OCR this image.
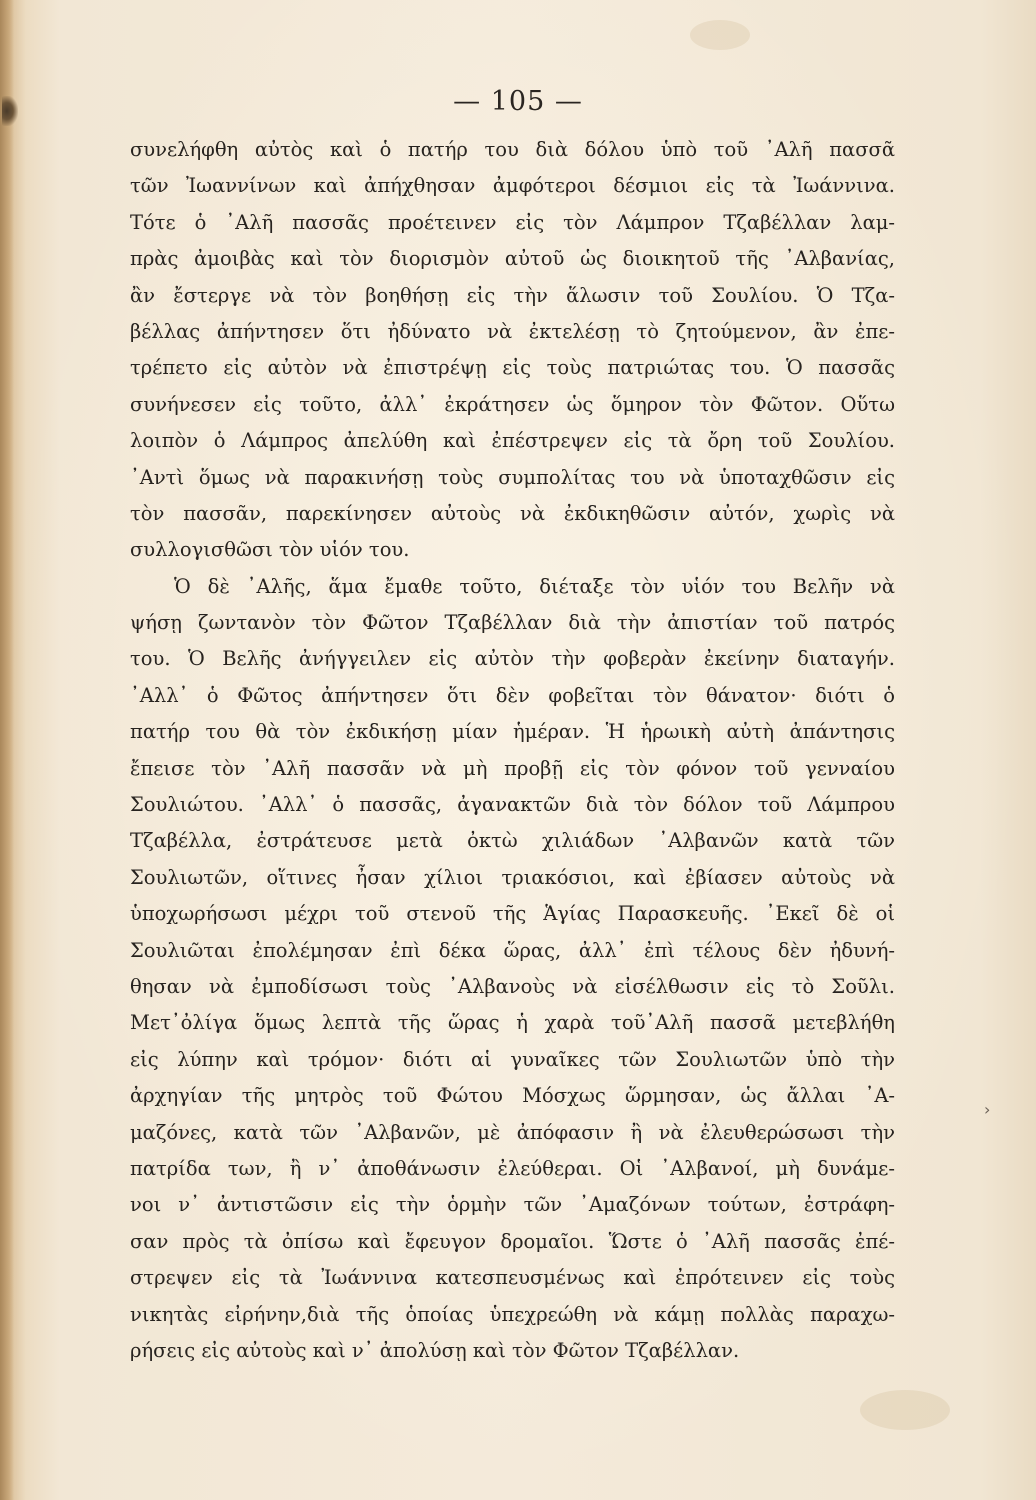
›
— 105 —
συνελήφθη αὐτὸς καὶ ὁ πατήρ του διὰ δόλου ὑπὸ τοῦ ᾿Αλῆ πασσᾶ
τῶν Ἰωαννίνων καὶ ἀπήχθησαν ἀμφότεροι δέσμιοι εἰς τὰ Ἰωάννινα.
Τότε ὁ ᾿Αλῆ πασσᾶς προέτεινεν εἰς τὸν Λάμπρον Τζαβέλλαν λαμ-
πρὰς ἀμοιβὰς καὶ τὸν διορισμὸν αὐτοῦ ὡς διοικητοῦ τῆς ᾿Αλβανίας,
ἂν ἔστεργε νὰ τὸν βοηθήσῃ εἰς τὴν ἅλωσιν τοῦ Σουλίου. Ὁ Τζα-
βέλλας ἀπήντησεν ὅτι ἠδύνατο νὰ ἐκτελέσῃ τὸ ζητούμενον, ἂν ἐπε-
τρέπετο εἰς αὐτὸν νὰ ἐπιστρέψῃ εἰς τοὺς πατριώτας του. Ὁ πασσᾶς
συνήνεσεν εἰς τοῦτο, ἀλλ᾿ ἐκράτησεν ὡς ὅμηρον τὸν Φῶτον. Οὕτω
λοιπὸν ὁ Λάμπρος ἀπελύθη καὶ ἐπέστρεψεν εἰς τὰ ὄρη τοῦ Σουλίου.
᾿Αντὶ ὅμως νὰ παρακινήσῃ τοὺς συμπολίτας του νὰ ὑποταχθῶσιν εἰς
τὸν πασσᾶν, παρεκίνησεν αὐτοὺς νὰ ἐκδικηθῶσιν αὐτόν, χωρὶς νὰ
συλλογισθῶσι τὸν υἱόν του.
Ὁ δὲ ᾿Αλῆς, ἅμα ἔμαθε τοῦτο, διέταξε τὸν υἱόν του Βελῆν νὰ
ψήσῃ ζωντανὸν τὸν Φῶτον Τζαβέλλαν διὰ τὴν ἀπιστίαν τοῦ πατρός
του. Ὁ Βελῆς ἀνήγγειλεν εἰς αὐτὸν τὴν φοβερὰν ἐκείνην διαταγήν.
᾿Αλλ᾿ ὁ Φῶτος ἀπήντησεν ὅτι δὲν φοβεῖται τὸν θάνατον· διότι ὁ
πατήρ του θὰ τὸν ἐκδικήσῃ μίαν ἡμέραν. Ἡ ἡρωικὴ αὐτὴ ἀπάντησις
ἔπεισε τὸν ᾿Αλῆ πασσᾶν νὰ μὴ προβῇ εἰς τὸν φόνον τοῦ γενναίου
Σουλιώτου. ᾿Αλλ᾿ ὁ πασσᾶς, ἀγανακτῶν διὰ τὸν δόλον τοῦ Λάμπρου
Τζαβέλλα, ἐστράτευσε μετὰ ὀκτὼ χιλιάδων ᾿Αλβανῶν κατὰ τῶν
Σουλιωτῶν, οἵτινες ἦσαν χίλιοι τριακόσιοι, καὶ ἐβίασεν αὐτοὺς νὰ
ὑποχωρήσωσι μέχρι τοῦ στενοῦ τῆς Ἁγίας Παρασκευῆς. ᾿Εκεῖ δὲ οἱ
Σουλιῶται ἐπολέμησαν ἐπὶ δέκα ὥρας, ἀλλ᾿ ἐπὶ τέλους δὲν ἠδυνή-
θησαν νὰ ἐμποδίσωσι τοὺς ᾿Αλβανοὺς νὰ εἰσέλθωσιν εἰς τὸ Σοῦλι.
Μετ᾿ὀλίγα ὅμως λεπτὰ τῆς ὥρας ἡ χαρὰ τοῦ᾿Αλῆ πασσᾶ μετεβλήθη
εἰς λύπην καὶ τρόμον· διότι αἱ γυναῖκες τῶν Σουλιωτῶν ὑπὸ τὴν
ἀρχηγίαν τῆς μητρὸς τοῦ Φώτου Μόσχως ὥρμησαν, ὡς ἄλλαι ᾿Α-
μαζόνες, κατὰ τῶν ᾿Αλβανῶν, μὲ ἀπόφασιν ἢ νὰ ἐλευθερώσωσι τὴν
πατρίδα των, ἢ ν᾿ ἀποθάνωσιν ἐλεύθεραι. Οἱ ᾿Αλβανοί, μὴ δυνάμε-
νοι ν᾿ ἀντιστῶσιν εἰς τὴν ὁρμὴν τῶν ᾿Αμαζόνων τούτων, ἐστράφη-
σαν πρὸς τὰ ὀπίσω καὶ ἔφευγον δρομαῖοι. Ὥστε ὁ ᾿Αλῆ πασσᾶς ἐπέ-
στρεψεν εἰς τὰ Ἰωάννινα κατεσπευσμένως καὶ ἐπρότεινεν εἰς τοὺς
νικητὰς εἰρήνην,διὰ τῆς ὁποίας ὑπεχρεώθη νὰ κάμῃ πολλὰς παραχω-
ρήσεις εἰς αὐτοὺς καὶ ν᾿ ἀπολύσῃ καὶ τὸν Φῶτον Τζαβέλλαν.
